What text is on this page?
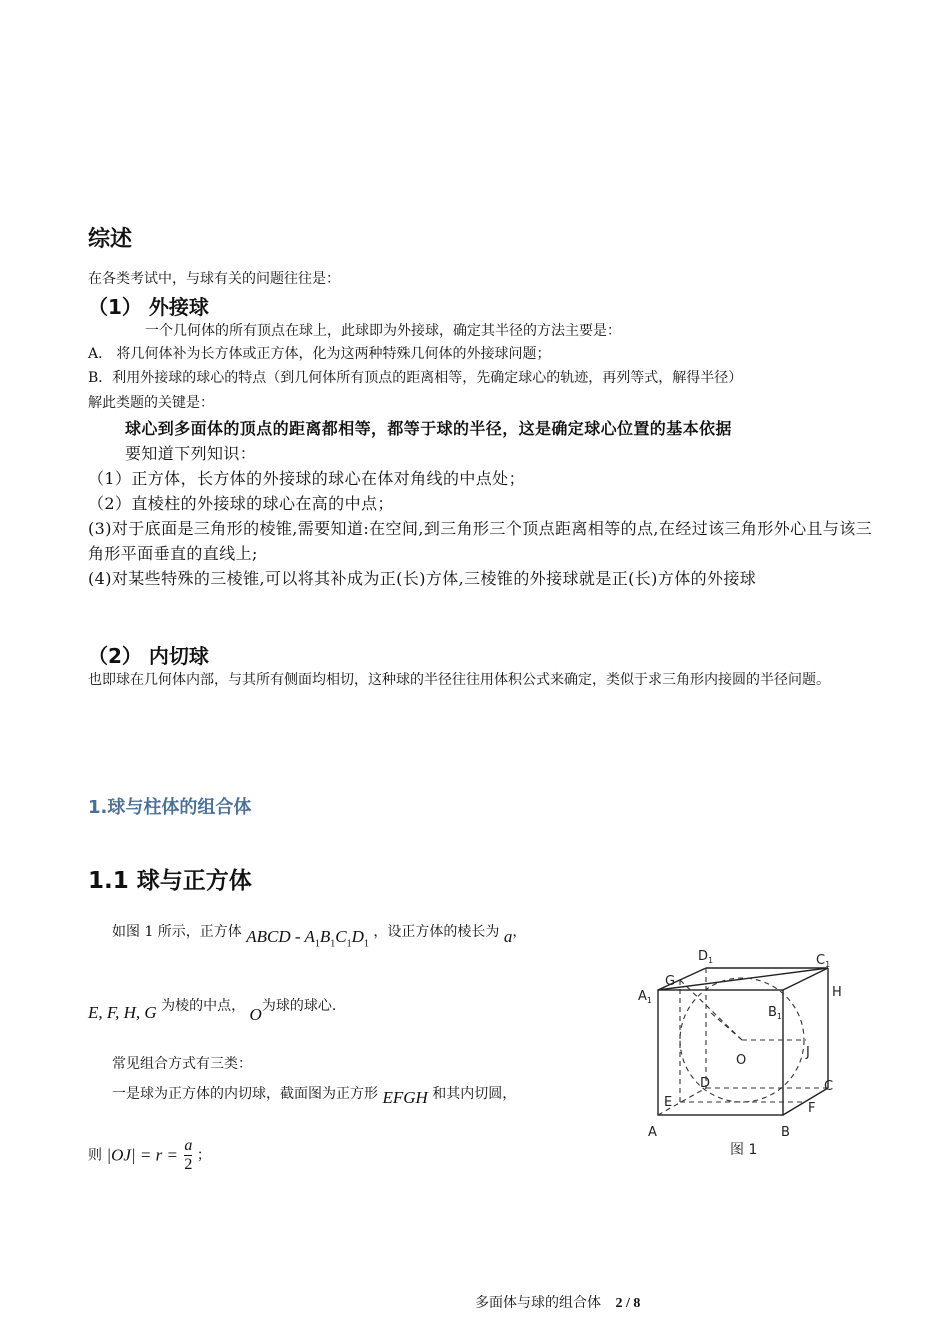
综述
在各类考试中，与球有关的问题往往是：
（1） 外接球
一个几何体的所有顶点在球上，此球即为外接球，确定其半径的方法主要是：
A． 将几何体补为长方体或正方体，化为这两种特殊几何体的外接球问题；
B．利用外接球的球心的特点（到几何体所有顶点的距离相等，先确定球心的轨迹，再列等式，解得半径）
解此类题的关键是：
球心到多面体的顶点的距离都相等，都等于球的半径，这是确定球心位置的基本依据
要知道下列知识：
（1）正方体，长方体的外接球的球心在体对角线的中点处；
（2）直棱柱的外接球的球心在高的中点；
(3)对于底面是三角形的棱锥,需要知道:在空间,到三角形三个顶点距离相等的点,在经过该三角形外心且与该三角形平面垂直的直线上;
(4)对某些特殊的三棱锥,可以将其补成为正(长)方体,三棱锥的外接球就是正(长)方体的外接球
（2） 内切球
也即球在几何体内部，与其所有侧面均相切，这种球的半径往往用体积公式来确定，类似于求三角形内接圆的半径问题。
1.球与柱体的组合体
1.1 球与正方体
如图 1 所示，正方体 ABCD - $A_1B_1C_1D_1$ ，设正方体的棱长为 a，
E, F, H, G 为棱的中点， O为球的球心.
常见组合方式有三类：
一是球为正方体的内切球，截面图为正方形 EFGH 和其内切圆，
则 $|OJ| = r = \frac{a}{2}$ ；
$A_1$
G
$D_1$	$C_1$
H
$B_1$
O
J
D	C
E	F
A	B
图 1
多面体与球的组合体 2 / 8
